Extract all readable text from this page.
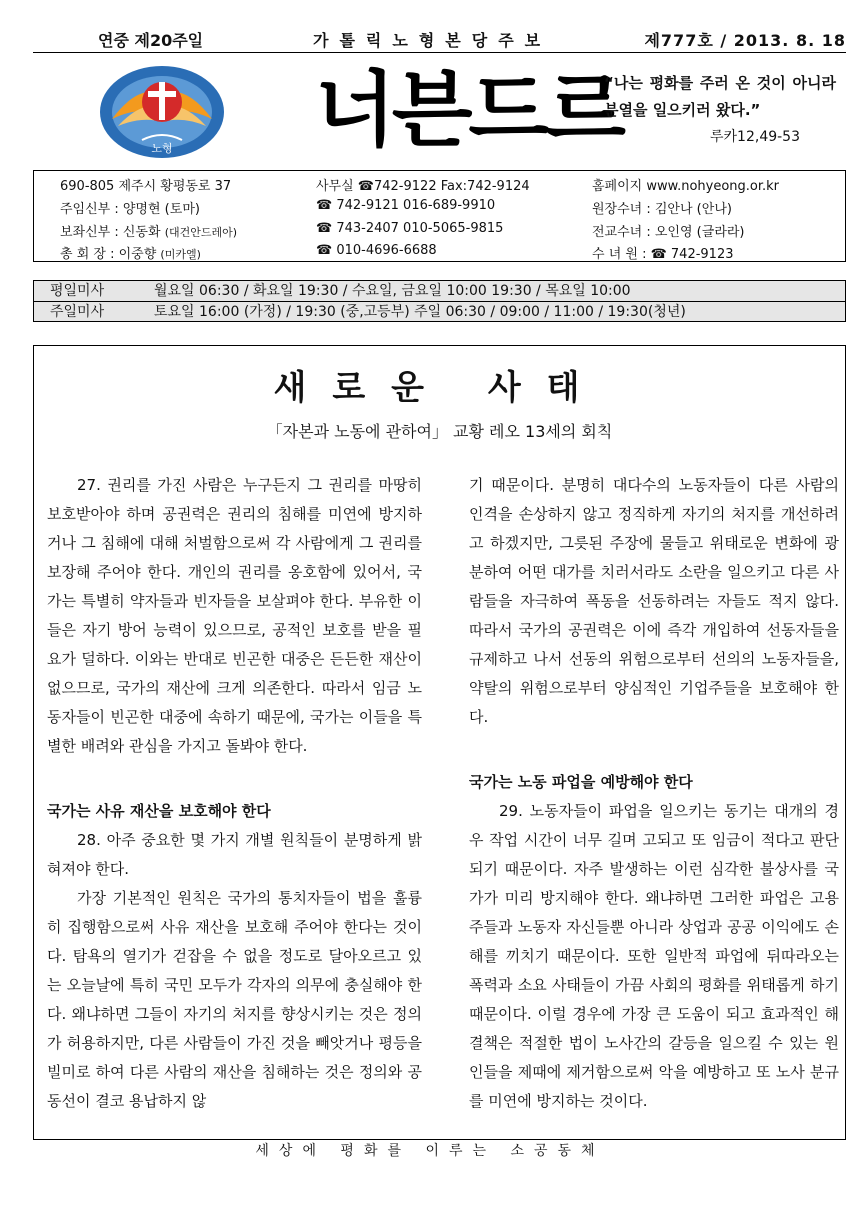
연중 제20주일	가톨릭노형본당주보	제777호 / 2013. 8. 18
노형 너븐드르
“나는 평화를 주러 온 것이 아니라 분열을 일으키러 왔다.”
루카12,49-53
690-805 제주시 황평동로 37	사무실 ☎742-9122 Fax:742-9124	홈페이지 www.nohyeong.or.kr
주임신부 : 양명현 (토마)	☎ 742-9121 016-689-9910	원장수녀 : 김안나 (안나)
보좌신부 : 신동화 (대건안드레아)	☎ 743-2407 010-5065-9815	전교수녀 : 오인영 (글라라)
총 회 장 : 이중향 (미카엘)	☎ 010-4696-6688	수 녀 원 : ☎ 742-9123
평일미사	월요일 06:30 / 화요일 19:30 / 수요일, 금요일 10:00 19:30 / 목요일 10:00
주일미사	토요일 16:00 (가정) / 19:30 (중,고등부) 주일 06:30 / 09:00 / 11:00 / 19:30(청년)
새로운 사태
「자본과 노동에 관하여」 교황 레오 13세의 회칙

27. 권리를 가진 사람은 누구든지 그 권리를 마땅히 보호받아야 하며 공권력은 권리의 침해를 미연에 방지하거나 그 침해에 대해 처벌함으로써 각 사람에게 그 권리를 보장해 주어야 한다. 개인의 권리를 옹호함에 있어서, 국가는 특별히 약자들과 빈자들을 보살펴야 한다. 부유한 이들은 자기 방어 능력이 있으므로, 공적인 보호를 받을 필요가 덜하다. 이와는 반대로 빈곤한 대중은 든든한 재산이 없으므로, 국가의 재산에 크게 의존한다. 따라서 임금 노동자들이 빈곤한 대중에 속하기 때문에, 국가는 이들을 특별한 배려와 관심을 가지고 돌봐야 한다.

국가는 사유 재산을 보호해야 한다

28. 아주 중요한 몇 가지 개별 원칙들이 분명하게 밝혀져야 한다.

가장 기본적인 원칙은 국가의 통치자들이 법을 훌륭히 집행함으로써 사유 재산을 보호해 주어야 한다는 것이다. 탐욕의 열기가 걷잡을 수 없을 정도로 달아오르고 있는 오늘날에 특히 국민 모두가 각자의 의무에 충실해야 한다. 왜냐하면 그들이 자기의 처지를 향상시키는 것은 정의가 허용하지만, 다른 사람들이 가진 것을 빼앗거나 평등을 빌미로 하여 다른 사람의 재산을 침해하는 것은 정의와 공동선이 결코 용납하지 않

기 때문이다. 분명히 대다수의 노동자들이 다른 사람의 인격을 손상하지 않고 정직하게 자기의 처지를 개선하려고 하겠지만, 그릇된 주장에 물들고 위태로운 변화에 광분하여 어떤 대가를 치러서라도 소란을 일으키고 다른 사람들을 자극하여 폭동을 선동하려는 자들도 적지 않다. 따라서 국가의 공권력은 이에 즉각 개입하여 선동자들을 규제하고 나서 선동의 위험으로부터 선의의 노동자들을, 약탈의 위험으로부터 양심적인 기업주들을 보호해야 한다.

국가는 노동 파업을 예방해야 한다

29. 노동자들이 파업을 일으키는 동기는 대개의 경우 작업 시간이 너무 길며 고되고 또 임금이 적다고 판단되기 때문이다. 자주 발생하는 이런 심각한 불상사를 국가가 미리 방지해야 한다. 왜냐하면 그러한 파업은 고용주들과 노동자 자신들뿐 아니라 상업과 공공 이익에도 손해를 끼치기 때문이다. 또한 일반적 파업에 뒤따라오는 폭력과 소요 사태들이 가끔 사회의 평화를 위태롭게 하기 때문이다. 이럴 경우에 가장 큰 도움이 되고 효과적인 해결책은 적절한 법이 노사간의 갈등을 일으킬 수 있는 원인들을 제때에 제거함으로써 악을 예방하고 또 노사 분규를 미연에 방지하는 것이다.

세상에 평화를 이루는 소공동체
